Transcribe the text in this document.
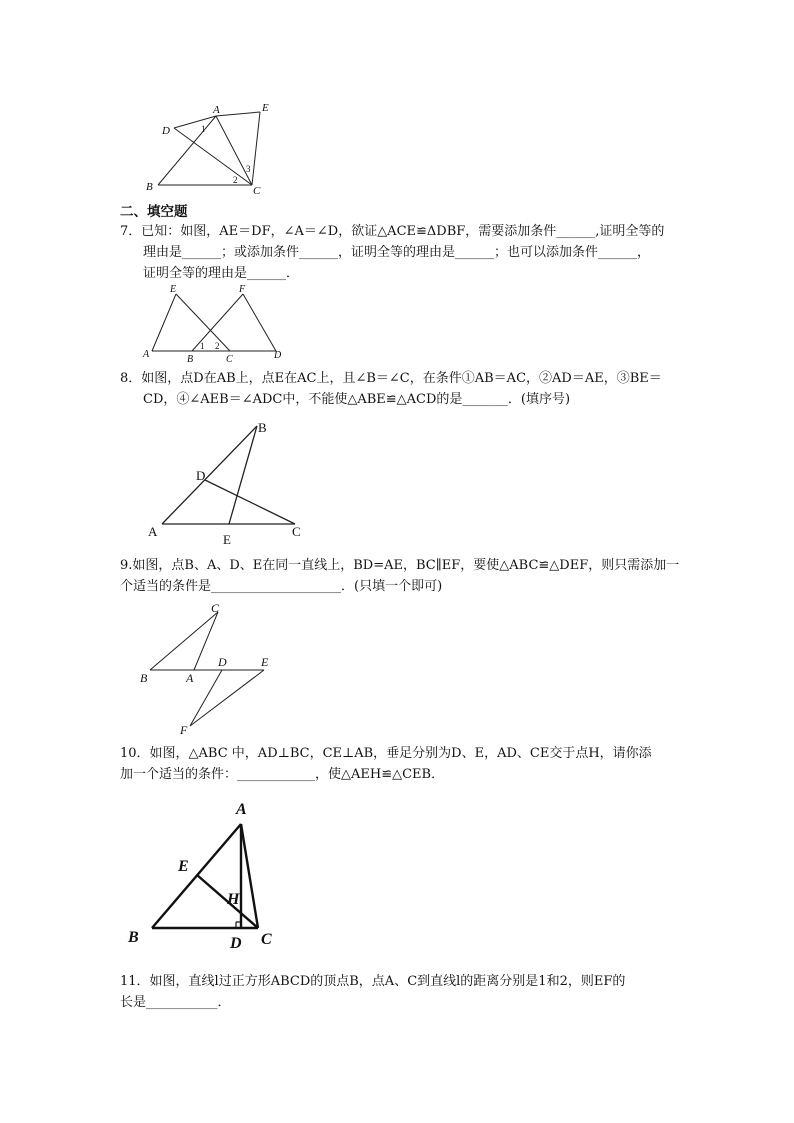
A	E
D
B	C
1
2
3
二、填空题

7．已知：如图，AE＝DF，∠A＝∠D，欲证△ACE≌ΔDBF，需要添加条件______,证明全等的

理由是______；或添加条件______，证明全等的理由是______；也可以添加条件______，

证明全等的理由是______．

E	F
A	B	C	D
1 2

8．如图，点D在AB上，点E在AC上，且∠B＝∠C，在条件①AB＝AC，②AD＝AE，③BE＝

CD，④∠AEB＝∠ADC中，不能使△ABE≌△ACD的是_______．(填序号)

B
D
A
E
C

9.如图，点B、A、D、E在同一直线上，BD=AE，BC∥EF，要使△ABC≌△DEF，则只需添加一

个适当的条件是____________________．(只填一个即可)

C
D	E
B	A
F

10．如图，△ABC 中，AD⊥BC，CE⊥AB，垂足分别为D、E，AD、CE交于点H，请你添

加一个适当的条件：____________，使△AEH≌△CEB．

A
E
H
B	D C

11．如图，直线l过正方形ABCD的顶点B，点A、C到直线l的距离分别是1和2，则EF的

长是___________．
